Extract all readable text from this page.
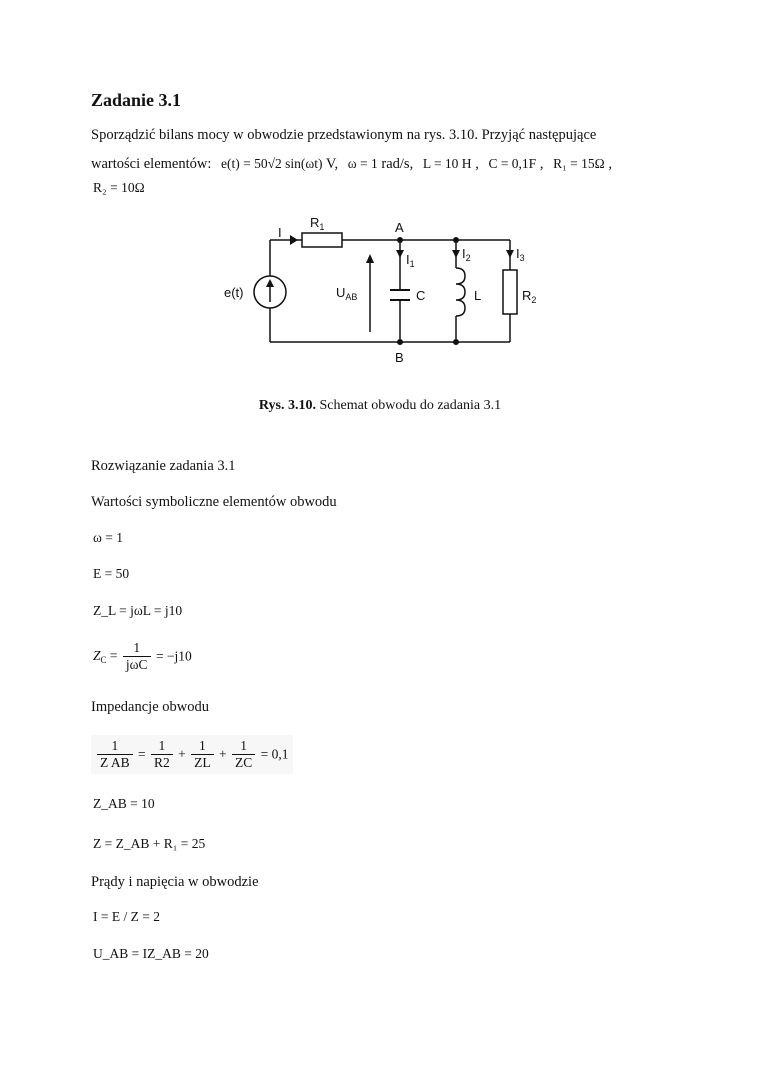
Zadanie 3.1
Sporządzić bilans mocy w obwodzie przedstawionym na rys. 3.10. Przyjąć następujące
wartości elementów: e(t) = 50√2 sin(ωt) V, ω = 1 rad/s, L = 10 H , C = 0,1F , R₁ = 15Ω ,
R₂ = 10Ω
I
$R_1$	A
B
$I_1$
$I_2$	$I_3$
e(t)	$U_{AB}$	C	L	$R_2$
Rys. 3.10. Schemat obwodu do zadania 3.1
Rozwiązanie zadania 3.1
Wartości symboliczne elementów obwodu
ω = 1
E = 50
Z_L = jωL = j10
$Z_C = \frac{1}{\text{jωC}} = -j10$
Impedancje obwodu
$\frac{1}{\text{Z AB}} = \frac{1}{R2} + \frac{1}{ZL} + \frac{1}{ZC} = 0,1$
Z_AB = 10
Z = Z_AB + R₁ = 25
Prądy i napięcia w obwodzie
I = E / Z = 2
U_AB = IZ_AB = 20
